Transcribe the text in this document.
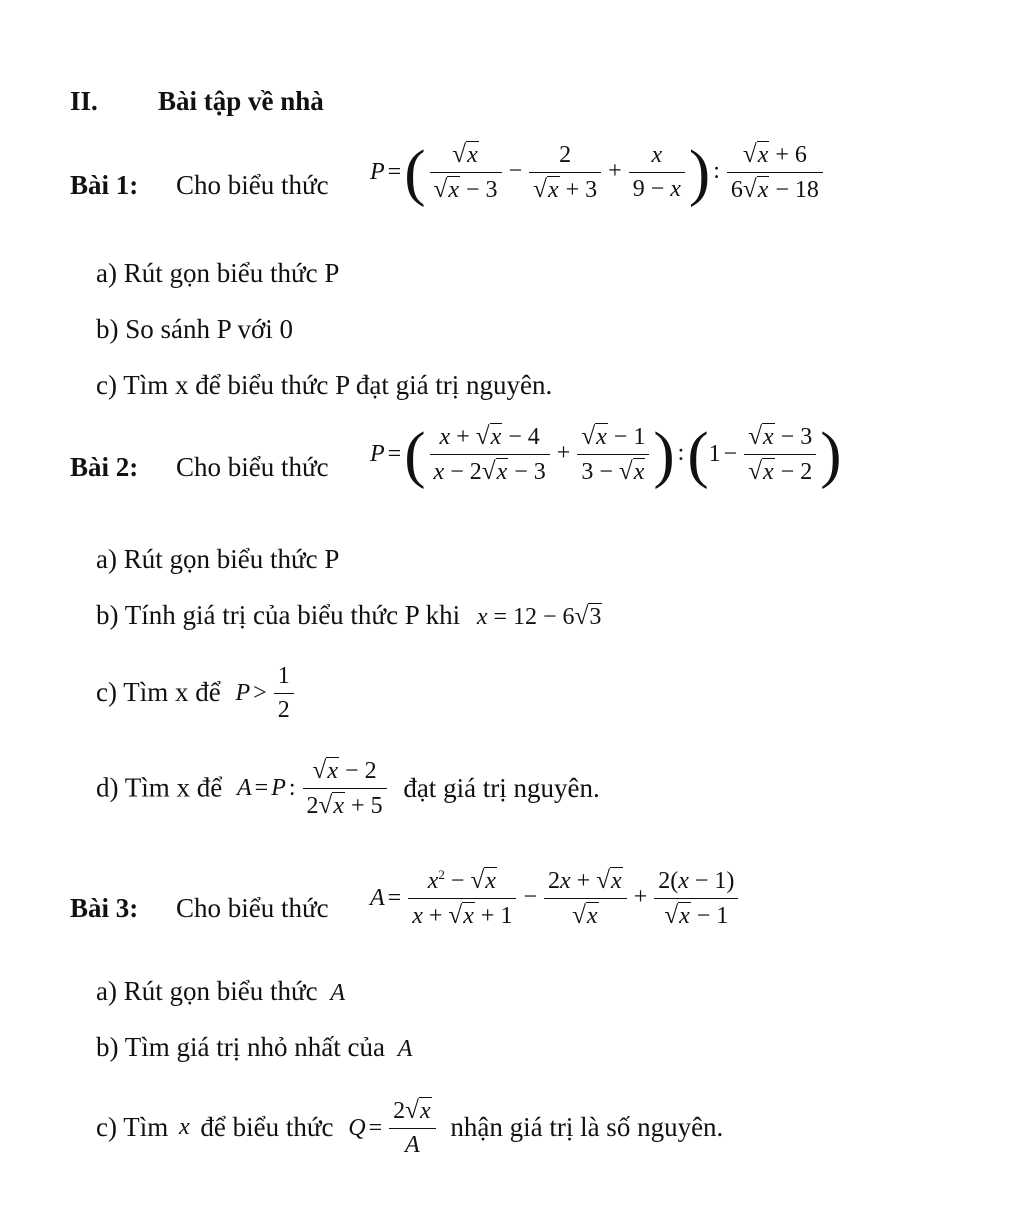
II. Bài tập về nhà
Bài 1: Cho biểu thức P =( $\frac{√x}{√x - 3} - \frac{2}{√x + 3} + \frac{x}{9 - x}$ ) : $\frac{√x + 6}{6√x - 18}$
a) Rút gọn biểu thức P
b) So sánh P với 0
c) Tìm x để biểu thức P đạt giá trị nguyên.
Bài 2: Cho biểu thức P =( $\frac{x + √x - 4}{x - 2√x - 3} + \frac{√x - 1}{3 - √x}$ ) :(1 − $\frac{√x - 3}{√x - 2}$ )
a) Rút gọn biểu thức P
b) Tính giá trị của biểu thức P khi x = 12 − 6√3
c) Tìm x để $P > \frac{1}{2}$
d) Tìm x để A = P : $\frac{√x - 2}{2√x + 5}$ đạt giá trị nguyên.
Bài 3: Cho biểu thức $A = \frac{x^2 - √x}{x + √x + 1} - \frac{2x + √x}{√x} + \frac{2(x - 1)}{√x - 1}$
a) Rút gọn biểu thức A
b) Tìm giá trị nhỏ nhất của A
c) Tìm x để biểu thức $Q = \frac{2√x}{A}$ nhận giá trị là số nguyên.
